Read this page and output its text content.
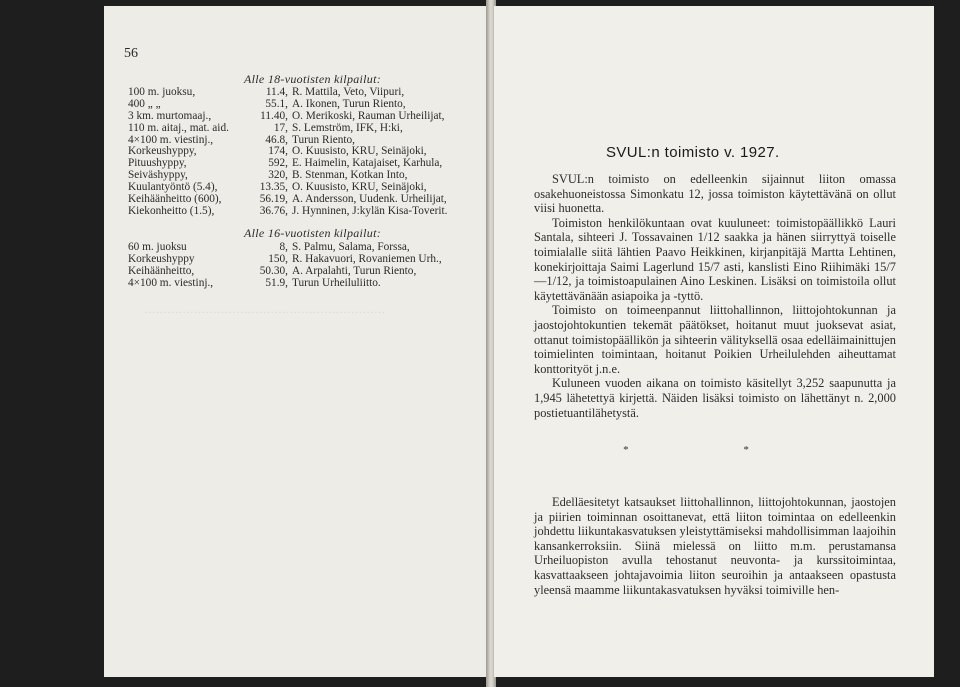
·······························································
56
Alle 18-vuotisten kilpailut:
100 m. juoksu,	11.4, R. Mattila, Veto, Viipuri,
400 „ „	55.1, A. Ikonen, Turun Riento,
3 km. murtomaaj.,	11.40, O. Merikoski, Rauman Urheilijat,
110 m. aitaj., mat. aid.	17, S. Lemström, IFK, H:ki,
4×100 m. viestinj.,	46.8, Turun Riento,
Korkeushyppy,	174, O. Kuusisto, KRU, Seinäjoki,
Pituushyppy,	592, E. Haimelin, Katajaiset, Karhula,
Seiväshyppy,	320, B. Stenman, Kotkan Into,
Kuulantyöntö (5.4),	13.35, O. Kuusisto, KRU, Seinäjoki,
Keihäänheitto (600),	56.19, A. Andersson, Uudenk. Urheilijat,
Kiekonheitto (1.5),	36.76, J. Hynninen, J:kylän Kisa-Toverit.
Alle 16-vuotisten kilpailut:
60 m. juoksu	8, S. Palmu, Salama, Forssa,
Korkeushyppy	150, R. Hakavuori, Rovaniemen Urh.,
Keihäänheitto,	50.30, A. Arpalahti, Turun Riento,
4×100 m. viestinj.,	51.9, Turun Urheiluliitto.
SVUL:n toimisto v. 1927.

SVUL:n toimisto on edelleenkin sijainnut liiton omassa osakehuoneistossa Simonkatu 12, jossa toimiston käytettävänä on ollut viisi huonetta.

Toimiston henkilökuntaan ovat kuuluneet: toimistopäällikkö Lauri Santala, sihteeri J. Tossavainen 1/12 saakka ja hänen siirryttyä toiselle toimialalle siitä lähtien Paavo Heikkinen, kirjanpitäjä Martta Lehtinen, konekirjoittaja Saimi Lagerlund 15/7 asti, kanslisti Eino Riihimäki 15/7—1/12, ja toimistoapulainen Aino Leskinen. Lisäksi on toimistoila ollut käytettävänään asiapoika ja -tyttö.

Toimisto on toimeenpannut liittohallinnon, liittojohtokunnan ja jaostojohtokuntien tekemät päätökset, hoitanut muut juoksevat asiat, ottanut toimistopäällikön ja sihteerin välityksellä osaa edelläimainittujen toimielinten toimintaan, hoitanut Poikien Urheilulehden aiheuttamat konttorityöt j.n.e.

Kuluneen vuoden aikana on toimisto käsitellyt 3,252 saapunutta ja 1,945 lähetettyä kirjettä. Näiden lisäksi toimisto on lähettänyt n. 2,000 postietuantilähetystä.

* *

Edelläesitetyt katsaukset liittohallinnon, liittojohtokunnan, jaostojen ja piirien toiminnan osoittanevat, että liiton toimintaa on edelleenkin johdettu liikuntakasvatuksen yleistyttämiseksi mahdollisimman laajoihin kansankerroksiin. Siinä mielessä on liitto m.m. perustamansa Urheiluopiston avulla tehostanut neuvonta- ja kurssitoimintaa, kasvattaakseen johtajavoimia liiton seuroihin ja antaakseen opastusta yleensä maamme liikuntakasvatuksen hyväksi toimiville hen-
